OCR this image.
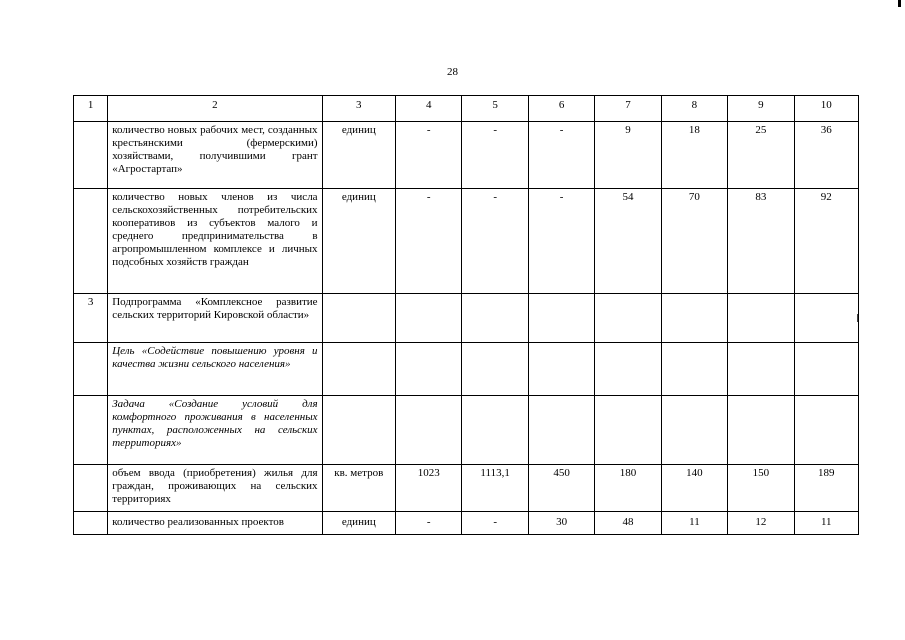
28
1	2	3	4	5	6	7	8	9	10
	количество новых рабочих мест, созданных крестьянскими (фермерскими) хозяйствами, получившими грант «Агростартап»	единиц	-	-	-	9	18	25	36
	количество новых членов из числа сельскохозяйственных потребительских кооперативов из субъектов малого и среднего предпринимательства в агропромышленном комплексе и личных подсобных хозяйств граждан	единиц	-	-	-	54	70	83	92
3	Подпрограмма «Комплексное развитие сельских территорий Кировской области»								
	Цель «Содействие повышению уровня и качества жизни сельского населения»								
	Задача «Создание условий для комфортного проживания в населенных пунктах, расположенных на сельских территориях»								
	объем ввода (приобретения) жилья для граждан, проживающих на сельских территориях	кв. метров	1023	1113,1	450	180	140	150	189
	количество реализованных проектов	единиц	-	-	30	48	11	12	11
